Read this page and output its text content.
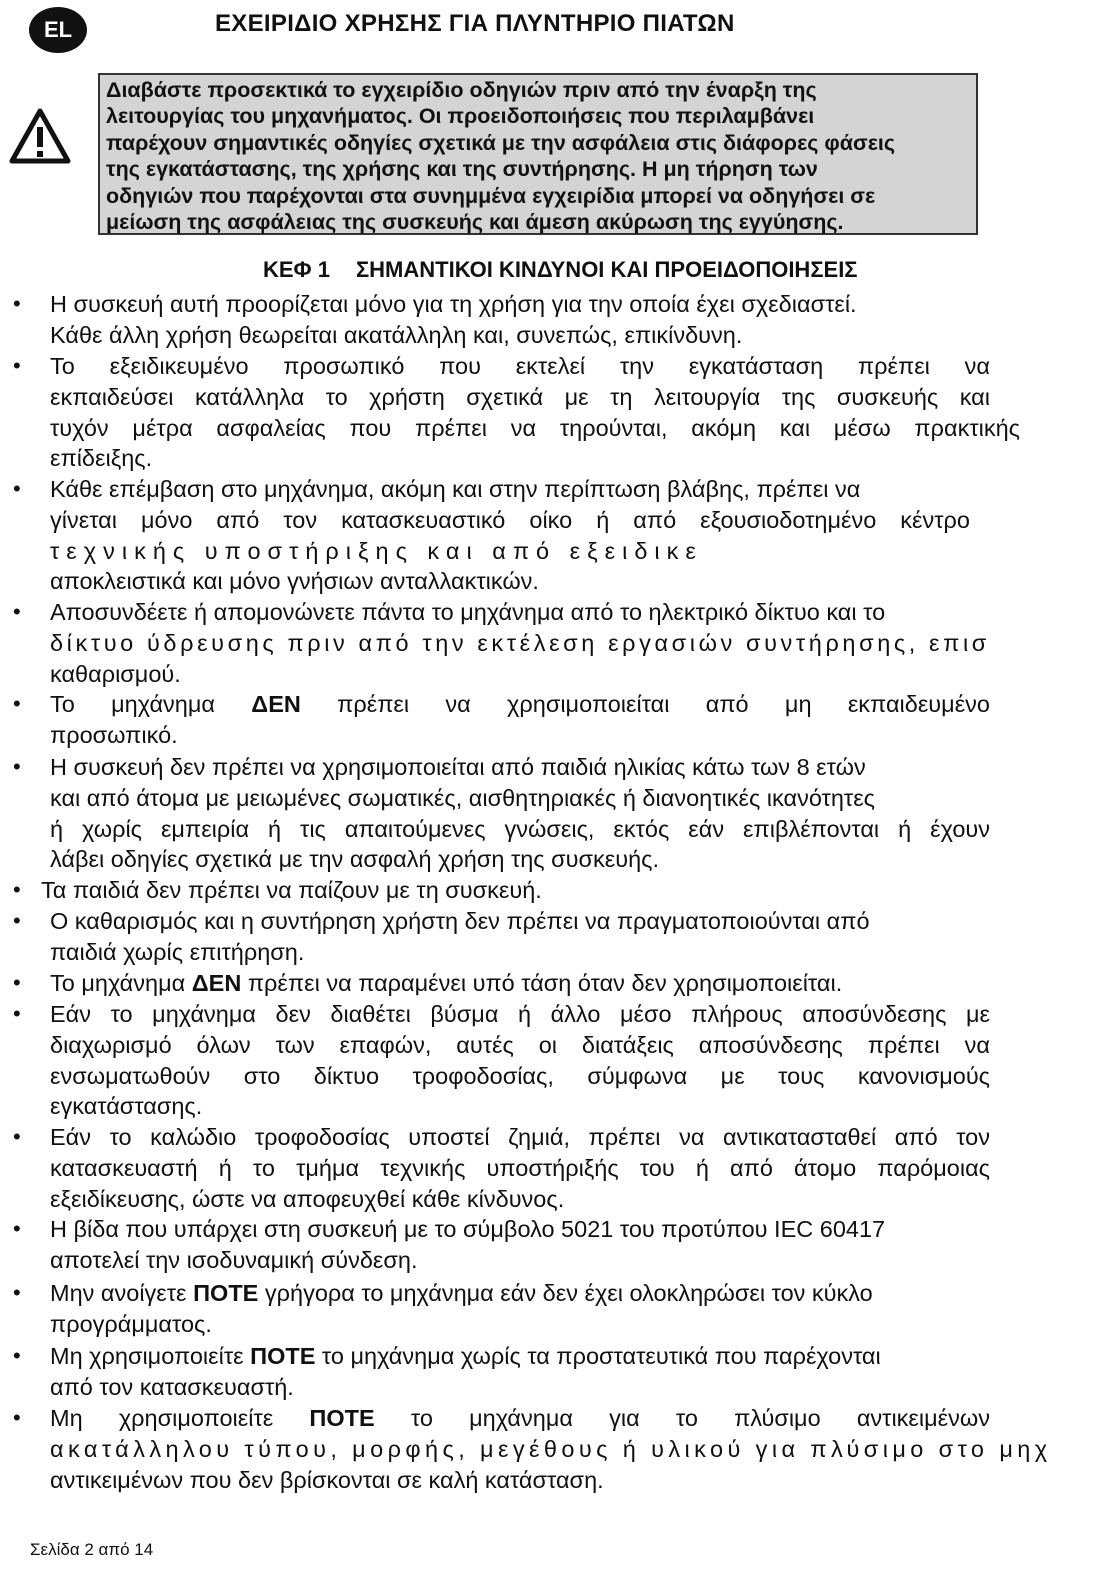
EL	ΕΧΕΙΡΙΔΙΟ ΧΡΗΣΗΣ ΓΙΑ ΠΛΥΝΤΗΡΙΟ ΠΙΑΤΩΝ
Διαβάστε προσεκτικά το εγχειρίδιο οδηγιών πριν από την έναρξη της
λειτουργίας του μηχανήματος. Οι προειδοποιήσεις που περιλαμβάνει
παρέχουν σημαντικές οδηγίες σχετικά με την ασφάλεια στις διάφορες φάσεις
της εγκατάστασης, της χρήσης και της συντήρησης. Η μη τήρηση των
οδηγιών που παρέχονται στα συνημμένα εγχειρίδια μπορεί να οδηγήσει σε
μείωση της ασφάλειας της συσκευής και άμεση ακύρωση της εγγύησης.
ΚΕΦ 1 ΣΗΜΑΝΤΙΚΟΙ ΚΙΝΔΥΝΟΙ ΚΑΙ ΠΡΟΕΙΔΟΠΟΙΗΣΕΙΣ
• Η συσκευή αυτή προορίζεται μόνο για τη χρήση για την οποία έχει σχεδιαστεί.
Κάθε άλλη χρήση θεωρείται ακατάλληλη και, συνεπώς, επικίνδυνη.
• Το εξειδικευμένο προσωπικό που εκτελεί την εγκατάσταση πρέπει να
εκπαιδεύσει κατάλληλα το χρήστη σχετικά με τη λειτουργία της συσκευής και
τυχόν μέτρα ασφαλείας που πρέπει να τηρούνται, ακόμη και μέσω πρακτικής
επίδειξης.
• Κάθε επέμβαση στο μηχάνημα, ακόμη και στην περίπτωση βλάβης, πρέπει να
γίνεται μόνο από τον κατασκευαστικό οίκο ή από εξουσιοδοτημένο κέντρο
τεχνικής υποστήριξης και από εξειδικε
αποκλειστικά και μόνο γνήσιων ανταλλακτικών.
• Αποσυνδέετε ή απομονώνετε πάντα το μηχάνημα από το ηλεκτρικό δίκτυο και το
δίκτυο ύδρευσης πριν από την εκτέλεση εργασιών συντήρησης, επισ
καθαρισμού.
• Το μηχάνημα ΔΕΝ πρέπει να χρησιμοποιείται από μη εκπαιδευμένο
προσωπικό.
• Η συσκευή δεν πρέπει να χρησιμοποιείται από παιδιά ηλικίας κάτω των 8 ετών
και από άτομα με μειωμένες σωματικές, αισθητηριακές ή διανοητικές ικανότητες
ή χωρίς εμπειρία ή τις απαιτούμενες γνώσεις, εκτός εάν επιβλέπονται ή έχουν
λάβει οδηγίες σχετικά με την ασφαλή χρήση της συσκευής.
• Τα παιδιά δεν πρέπει να παίζουν με τη συσκευή.
• Ο καθαρισμός και η συντήρηση χρήστη δεν πρέπει να πραγματοποιούνται από
παιδιά χωρίς επιτήρηση.
• Το μηχάνημα ΔΕΝ πρέπει να παραμένει υπό τάση όταν δεν χρησιμοποιείται.
• Εάν το μηχάνημα δεν διαθέτει βύσμα ή άλλο μέσο πλήρους αποσύνδεσης με
διαχωρισμό όλων των επαφών, αυτές οι διατάξεις αποσύνδεσης πρέπει να
ενσωματωθούν στο δίκτυο τροφοδοσίας, σύμφωνα με τους κανονισμούς
εγκατάστασης.
• Εάν το καλώδιο τροφοδοσίας υποστεί ζημιά, πρέπει να αντικατασταθεί από τον
κατασκευαστή ή το τμήμα τεχνικής υποστήριξής του ή από άτομο παρόμοιας
εξειδίκευσης, ώστε να αποφευχθεί κάθε κίνδυνος.
• Η βίδα που υπάρχει στη συσκευή με το σύμβολο 5021 του προτύπου IEC 60417
αποτελεί την ισοδυναμική σύνδεση.
• Μην ανοίγετε ΠΟΤΕ γρήγορα το μηχάνημα εάν δεν έχει ολοκληρώσει τον κύκλο
προγράμματος.
• Μη χρησιμοποιείτε ΠΟΤΕ το μηχάνημα χωρίς τα προστατευτικά που παρέχονται
από τον κατασκευαστή.
• Μη χρησιμοποιείτε ΠΟΤΕ το μηχάνημα για το πλύσιμο αντικειμένων
ακατάλληλου τύπου, μορφής, μεγέθους ή υλικού για πλύσιμο στο μηχ
αντικειμένων που δεν βρίσκονται σε καλή κατάσταση.
Σελίδα 2 από 14
